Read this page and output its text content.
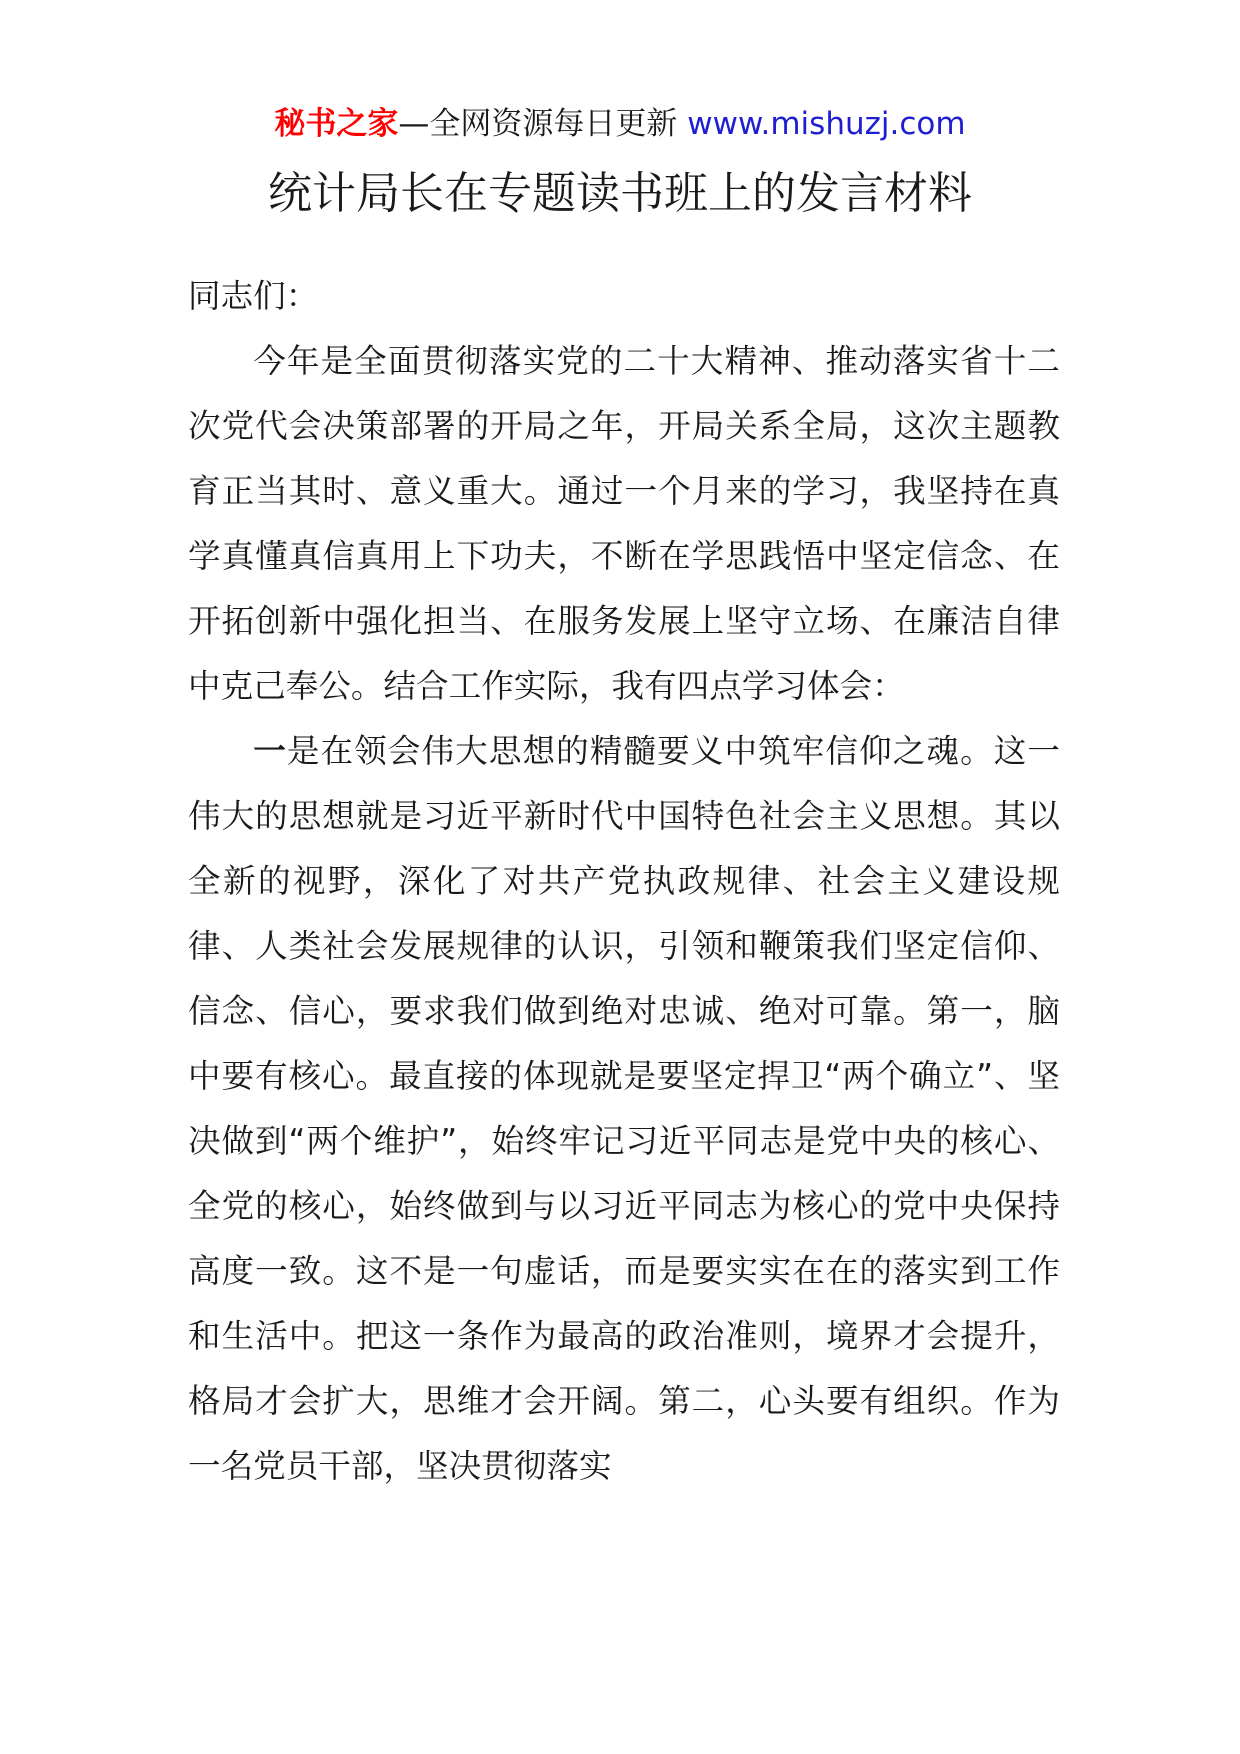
秘书之家—全网资源每日更新 www.mishuzj.com
统计局长在专题读书班上的发言材料

同志们：

今年是全面贯彻落实党的二十大精神、推动落实省十二次党代会决策部署的开局之年，开局关系全局，这次主题教育正当其时、意义重大。通过一个月来的学习，我坚持在真学真懂真信真用上下功夫，不断在学思践悟中坚定信念、在开拓创新中强化担当、在服务发展上坚守立场、在廉洁自律中克己奉公。结合工作实际，我有四点学习体会：

一是在领会伟大思想的精髓要义中筑牢信仰之魂。这一伟大的思想就是习近平新时代中国特色社会主义思想。其以全新的视野，深化了对共产党执政规律、社会主义建设规律、人类社会发展规律的认识，引领和鞭策我们坚定信仰、信念、信心，要求我们做到绝对忠诚、绝对可靠。第一，脑中要有核心。最直接的体现就是要坚定捍卫“两个确立”、坚决做到“两个维护”，始终牢记习近平同志是党中央的核心、全党的核心，始终做到与以习近平同志为核心的党中央保持高度一致。这不是一句虚话，而是要实实在在的落实到工作和生活中。把这一条作为最高的政治准则，境界才会提升，格局才会扩大，思维才会开阔。第二，心头要有组织。作为一名党员干部，坚决贯彻落实
